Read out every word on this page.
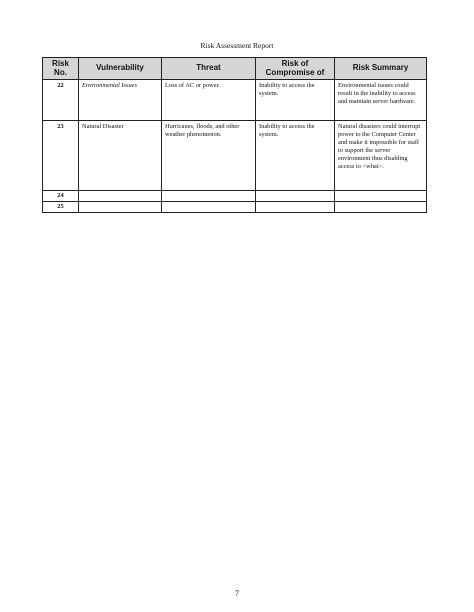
Risk Assessment Report
Risk No.	Vulnerability	Threat	Risk of Compromise of	Risk Summary
22	Environmental Issues	Loss of AC or power.	Inability to access the system.	Environmental issues could result in the inability to access and maintain server hardware.
23	Natural Disaster	Hurricanes, floods, and other weather phenomenon.	Inability to access the system.	Natural disasters could interrupt power to the Computer Center and make it impossible for staff to support the server environment thus disabling access to <what>.
24				
25				
7
